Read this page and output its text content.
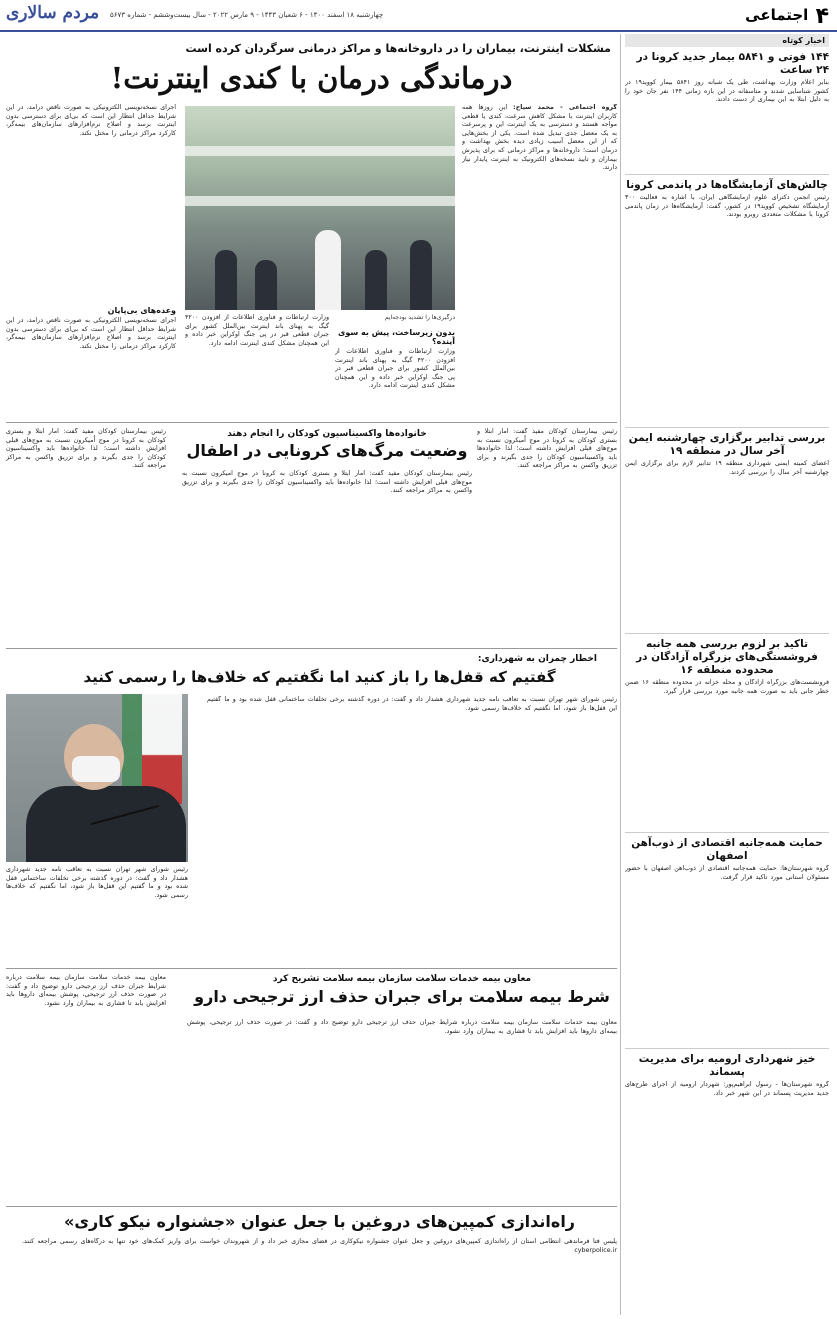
۴ اجتماعی
چهارشنبه ۱۸ اسفند ۱۴۰۰ - ۶ شعبان ۱۴۴۳ - ۹ مارس ۲۰۲۲ - سال بیست‌وششم - شماره ۵۶۷۳
مردم سالاری
اخبار کوتاه
۱۴۴ فوتی و ۵۸۴۱ بیمار جدید کرونا در ۲۴ ساعت
بنابر اعلام وزارت بهداشت، طی یک شبانه روز ۵۸۴۱ بیمار کووید۱۹ در کشور شناسایی شدند و متاسفانه در این بازه زمانی ۱۴۴ نفر جان خود را به دلیل ابتلا به این بیماری از دست دادند.
چالش‌های آزمایشگاه‌ها در پاندمی کرونا
رئیس انجمن دکترای علوم آزمایشگاهی ایران، با اشاره به فعالیت ۳۰۰ آزمایشگاه تشخیص کووید۱۹ در کشور، گفت: آزمایشگاه‌ها در زمان پاندمی کرونا با مشکلات متعددی روبرو بودند.
بررسی تدابیر برگزاری چهارشنبه ایمن آخر سال در منطقه ۱۹
اعضای کمیته ایمنی شهرداری منطقه ۱۹ تدابیر لازم برای برگزاری ایمن چهارشنبه آخر سال را بررسی کردند.
تاکید بر لزوم بررسی همه جانبه فروشستگی‌های بزرگراه آزادگان در محدوده منطقه ۱۶
فرونشست‌های بزرگراه آزادگان و محله خزانه در محدوده منطقه ۱۶ ضمن خطر جانی باید به صورت همه جانبه مورد بررسی قرار گیرد.
حمایت همه‌جانبه اقتصادی از ذوب‌آهن اصفهان
گروه شهرستان‌ها: حمایت همه‌جانبه اقتصادی از ذوب‌آهن اصفهان با حضور مسئولان استانی مورد تاکید قرار گرفت.
خیز شهرداری ارومیه برای مدیریت پسماند
گروه شهرستان‌ها - رسول ابراهیم‌پور: شهردار ارومیه از اجرای طرح‌های جدید مدیریت پسماند در این شهر خبر داد.
مشکلات اینترنت، بیماران را در داروخانه‌ها و مراکز درمانی سرگردان کرده است
درماندگی درمان با کندی اینترنت!
گروه اجتماعی - محمد سیاح: این روزها همه کاربران اینترنت با مشکل کاهش سرعت، کندی یا قطعی مواجه هستند و دسترسی به یک اینترنت این و پرسرعت به یک معضل جدی تبدیل شده است. یکی از بخش‌هایی که از این معضل آسیب زیادی دیده بخش بهداشت و درمان است؛ داروخانه‌ها و مراکز درمانی که برای پذیرش بیماران و تایید نسخه‌های الکترونیک به اینترنت پایدار نیاز دارند.
درگیری‌ها را تشدید بودجه‌ایم
بدون زیرساخت، پیش به سوی آینده؟
وزارت ارتباطات و فناوری اطلاعات از افزودن ۴۲۰۰ گیگ به پهنای باند اینترنت بین‌الملل کشور برای جبران قطعی قبر در پی جنگ اوکراین خبر داده و این همچنان مشکل کندی اینترنت ادامه دارد.
وزارت ارتباطات و فناوری اطلاعات از افزودن ۴۲۰۰ گیگ به پهنای باند اینترنت بین‌الملل کشور برای جبران قطعی قبر در پی جنگ اوکراین خبر داده و این همچنان مشکل کندی اینترنت ادامه دارد.
اجرای نسخه‌نویسی الکترونیکی به صورت ناقص درآمد، در این شرایط حداقل انتظار این است که بی‌ای برای دسترسی بدون اینترنت برسد و اصلاح نرم‌افزارهای سازمان‌های بیمه‌گر، کارکرد مراکز درمانی را مختل نکند.
وعده‌های بی‌پایان
اجرای نسخه‌نویسی الکترونیکی به صورت ناقص درآمد، در این شرایط حداقل انتظار این است که بی‌ای برای دسترسی بدون اینترنت برسد و اصلاح نرم‌افزارهای سازمان‌های بیمه‌گر، کارکرد مراکز درمانی را مختل نکند.
رئیس بیمارستان کودکان مفید گفت: آمار ابتلا و بستری کودکان به کرونا در موج اُمیکرون نسبت به موج‌های قبلی افزایش داشته است؛ لذا خانواده‌ها باید واکسیناسیون کودکان را جدی بگیرند و برای تزریق واکسن به مراکز مراجعه کنند.
خانواده‌ها واکسیناسیون کودکان را انجام دهند
وضعیت مرگ‌های کرونایی در اطفال
رئیس بیمارستان کودکان مفید گفت: آمار ابتلا و بستری کودکان به کرونا در موج اُمیکرون نسبت به موج‌های قبلی افزایش داشته است؛ لذا خانواده‌ها باید واکسیناسیون کودکان را جدی بگیرند و برای تزریق واکسن به مراکز مراجعه کنند.
رئیس بیمارستان کودکان مفید گفت: آمار ابتلا و بستری کودکان به کرونا در موج اُمیکرون نسبت به موج‌های قبلی افزایش داشته است؛ لذا خانواده‌ها باید واکسیناسیون کودکان را جدی بگیرند و برای تزریق واکسن به مراکز مراجعه کنند.
اخطار چمران به شهرداری:
گفتیم که قفل‌ها را باز کنید اما نگفتیم که خلاف‌ها را رسمی کنید
رئیس شورای شهر تهران نسبت به تعاقب نامه جدید شهرداری هشدار داد و گفت: در دوره گذشته برخی تخلفات ساختمانی قفل شده بود و ما گفتیم این قفل‌ها باز شود، اما نگفتیم که خلاف‌ها رسمی شود.
رئیس شورای شهر تهران نسبت به تعاقب نامه جدید شهرداری هشدار داد و گفت: در دوره گذشته برخی تخلفات ساختمانی قفل شده بود و ما گفتیم این قفل‌ها باز شود، اما نگفتیم که خلاف‌ها رسمی شود.
معاون بیمه خدمات سلامت سازمان بیمه سلامت تشریح کرد
شرط بیمه سلامت برای جبران حذف ارز ترجیحی دارو
معاون بیمه خدمات سلامت سازمان بیمه سلامت درباره شرایط جبران حذف ارز ترجیحی دارو توضیح داد و گفت: در صورت حذف ارز ترجیحی، پوشش بیمه‌ای داروها باید افزایش یابد تا فشاری به بیماران وارد نشود.
معاون بیمه خدمات سلامت سازمان بیمه سلامت درباره شرایط جبران حذف ارز ترجیحی دارو توضیح داد و گفت: در صورت حذف ارز ترجیحی، پوشش بیمه‌ای داروها باید افزایش یابد تا فشاری به بیماران وارد نشود.
راه‌اندازی کمپین‌های دروغین با جعل عنوان «جشنواره نیکو کاری»
پلیس فتا فرماندهی انتظامی استان از راه‌اندازی کمپین‌های دروغین و جعل عنوان جشنواره نیکوکاری در فضای مجازی خبر داد و از شهروندان خواست برای واریز کمک‌های خود تنها به درگاه‌های رسمی مراجعه کنند. cyberpolice.ir
